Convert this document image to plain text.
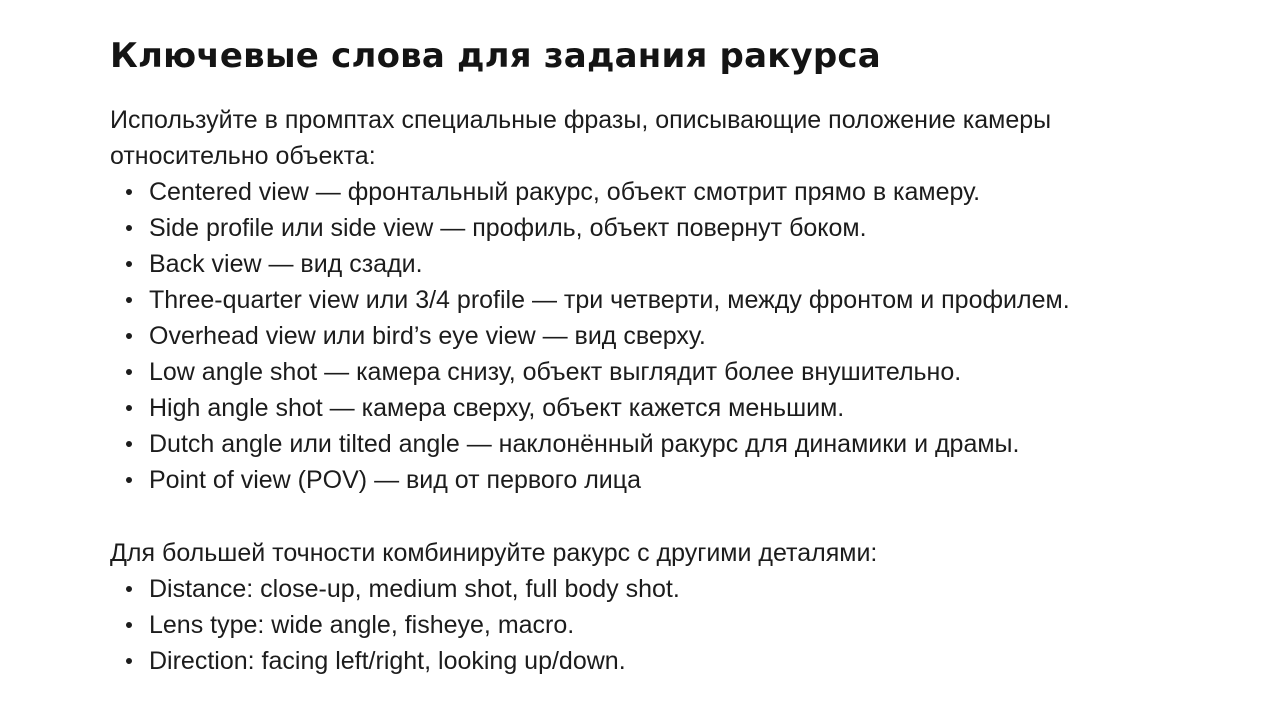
Ключевые слова для задания ракурса

Используйте в промптах специальные фразы, описывающие положение камеры относительно объекта:

Centered view — фронтальный ракурс, объект смотрит прямо в камеру.
Side profile или side view — профиль, объект повернут боком.
Back view — вид сзади.
Three-quarter view или 3/4 profile — три четверти, между фронтом и профилем.
Overhead view или bird’s eye view — вид сверху.
Low angle shot — камера снизу, объект выглядит более внушительно.
High angle shot — камера сверху, объект кажется меньшим.
Dutch angle или tilted angle — наклонённый ракурс для динамики и драмы.
Point of view (POV) — вид от первого лица

Для большей точности комбинируйте ракурс с другими деталями:

Distance: close-up, medium shot, full body shot.
Lens type: wide angle, fisheye, macro.
Direction: facing left/right, looking up/down.
